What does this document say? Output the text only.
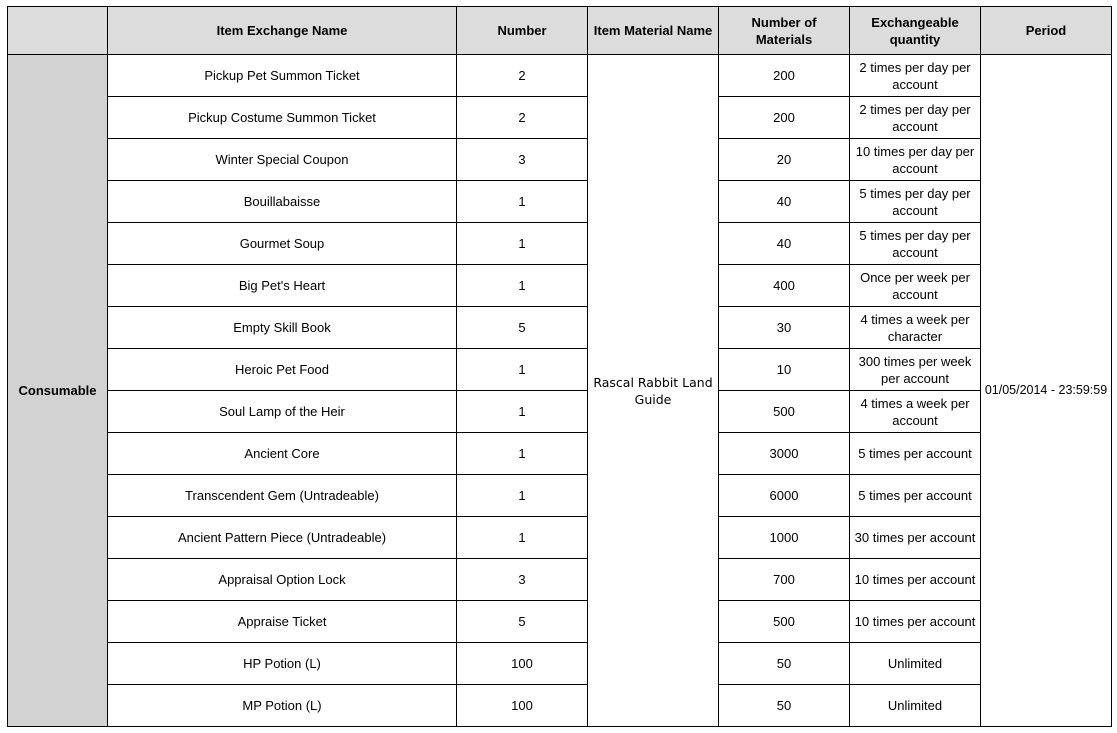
	Item Exchange Name	Number	Item Material Name	Number of Materials	Exchangeable quantity	Period
Consumable	Pickup Pet Summon Ticket	2	Rascal Rabbit Land Guide	200	2 times per day per account	01/05/2014 - 23:59:59
	Pickup Costume Summon Ticket	2		200	2 times per day per account	
	Winter Special Coupon	3		20	10 times per day per account	
	Bouillabaisse	1		40	5 times per day per account	
	Gourmet Soup	1		40	5 times per day per account	
	Big Pet's Heart	1		400	Once per week per account	
	Empty Skill Book	5		30	4 times a week per character	
	Heroic Pet Food	1		10	300 times per week per account	
	Soul Lamp of the Heir	1		500	4 times a week per account	
	Ancient Core	1		3000	5 times per account	
	Transcendent Gem (Untradeable)	1		6000	5 times per account	
	Ancient Pattern Piece (Untradeable)	1		1000	30 times per account	
	Appraisal Option Lock	3		700	10 times per account	
	Appraise Ticket	5		500	10 times per account	
	HP Potion (L)	100		50	Unlimited	
	MP Potion (L)	100		50	Unlimited	
